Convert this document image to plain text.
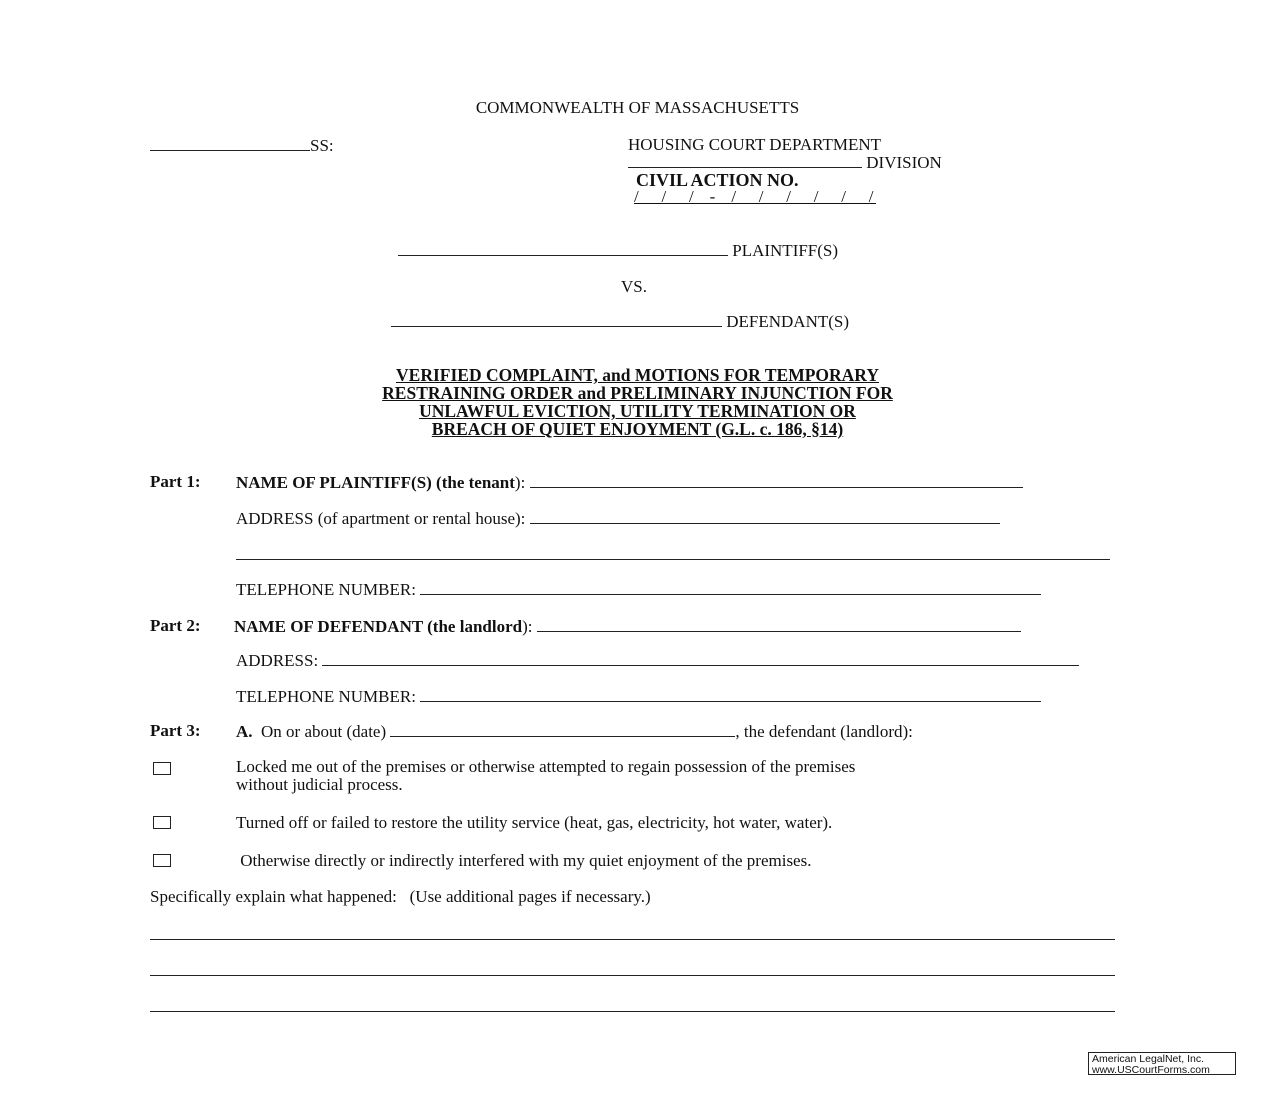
COMMONWEALTH OF MASSACHUSETTS
SS:	HOUSING COURT DEPARTMENT
DIVISION
CIVIL ACTION NO.
/   /   /  -  /   /   /   /   /   /
PLAINTIFF(S)
VS.
DEFENDANT(S)
VERIFIED COMPLAINT, and MOTIONS FOR TEMPORARY
RESTRAINING ORDER and PRELIMINARY INJUNCTION FOR
UNLAWFUL EVICTION, UTILITY TERMINATION OR
BREACH OF QUIET ENJOYMENT (G.L. c. 186, §14)
Part 1: NAME OF PLAINTIFF(S) (the tenant):
ADDRESS (of apartment or rental house):
TELEPHONE NUMBER:
Part 2: NAME OF DEFENDANT (the landlord):
ADDRESS:
TELEPHONE NUMBER:
Part 3: A. On or about (date)	, the defendant (landlord):
Locked me out of the premises or otherwise attempted to regain possession of the premises
without judicial process.
Turned off or failed to restore the utility service (heat, gas, electricity, hot water, water).
Otherwise directly or indirectly interfered with my quiet enjoyment of the premises.
Specifically explain what happened:   (Use additional pages if necessary.)
American LegalNet, Inc.
www.USCourtForms.com
